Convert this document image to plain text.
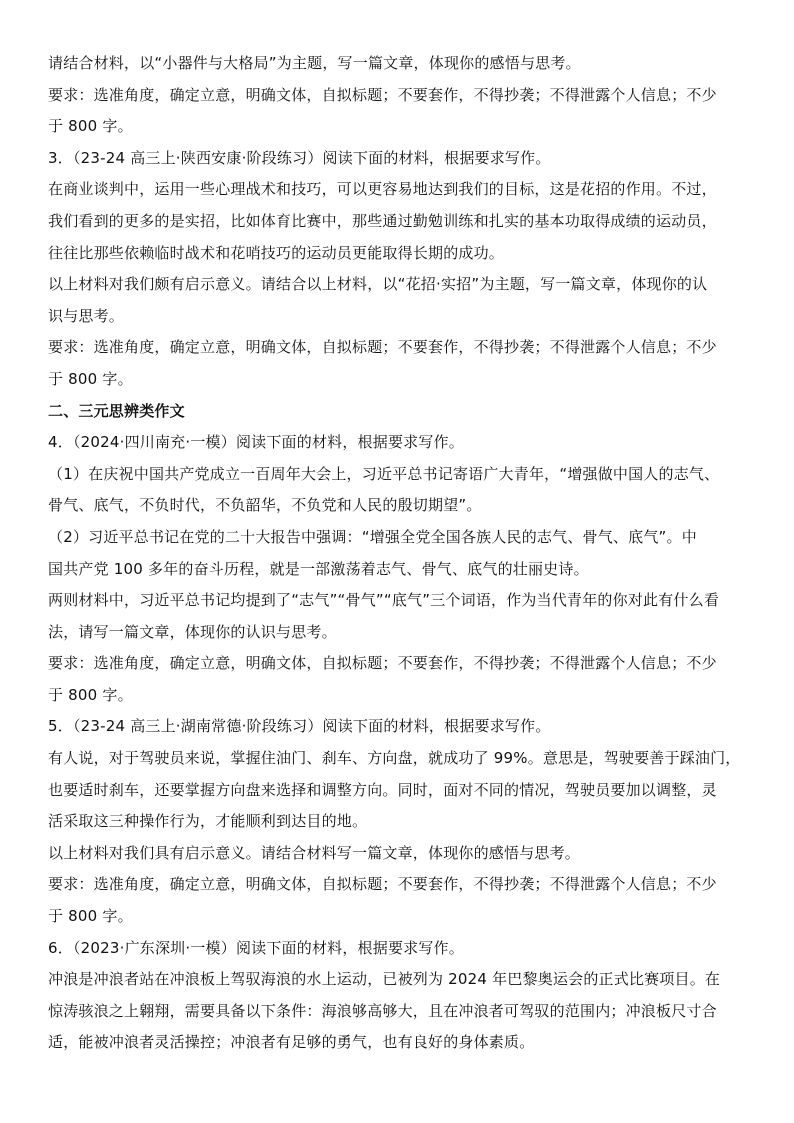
请结合材料，以“小器件与大格局”为主题，写一篇文章，体现你的感悟与思考。
要求：选准角度，确定立意，明确文体，自拟标题；不要套作，不得抄袭；不得泄露个人信息；不少
于 800 字。
3．（23-24 高三上·陕西安康·阶段练习）阅读下面的材料，根据要求写作。
在商业谈判中，运用一些心理战术和技巧，可以更容易地达到我们的目标，这是花招的作用。不过，
我们看到的更多的是实招，比如体育比赛中，那些通过勤勉训练和扎实的基本功取得成绩的运动员，
往往比那些依赖临时战术和花哨技巧的运动员更能取得长期的成功。
以上材料对我们颇有启示意义。请结合以上材料，以“花招·实招”为主题，写一篇文章，体现你的认
识与思考。
要求：选准角度，确定立意，明确文体，自拟标题；不要套作，不得抄袭；不得泄露个人信息；不少
于 800 字。
二、三元思辨类作文
4．（2024·四川南充·一模）阅读下面的材料，根据要求写作。
（1）在庆祝中国共产党成立一百周年大会上，习近平总书记寄语广大青年，“增强做中国人的志气、
骨气、底气，不负时代，不负韶华，不负党和人民的殷切期望”。
（2）习近平总书记在党的二十大报告中强调：“增强全党全国各族人民的志气、骨气、底气”。中
国共产党 100 多年的奋斗历程，就是一部激荡着志气、骨气、底气的壮丽史诗。
两则材料中，习近平总书记均提到了“志气”“骨气”“底气”三个词语，作为当代青年的你对此有什么看
法，请写一篇文章，体现你的认识与思考。
要求：选准角度，确定立意，明确文体，自拟标题；不要套作，不得抄袭；不得泄露个人信息；不少
于 800 字。
5．（23-24 高三上·湖南常德·阶段练习）阅读下面的材料，根据要求写作。
有人说，对于驾驶员来说，掌握住油门、刹车、方向盘，就成功了 99%。意思是，驾驶要善于踩油门，
也要适时刹车，还要掌握方向盘来选择和调整方向。同时，面对不同的情况，驾驶员要加以调整，灵
活采取这三种操作行为，才能顺利到达目的地。
以上材料对我们具有启示意义。请结合材料写一篇文章，体现你的感悟与思考。
要求：选准角度，确定立意，明确文体，自拟标题；不要套作，不得抄袭；不得泄露个人信息；不少
于 800 字。
6．（2023·广东深圳·一模）阅读下面的材料，根据要求写作。
冲浪是冲浪者站在冲浪板上驾驭海浪的水上运动，已被列为 2024 年巴黎奥运会的正式比赛项目。在
惊涛骇浪之上翱翔，需要具备以下条件：海浪够高够大，且在冲浪者可驾驭的范围内；冲浪板尺寸合
适，能被冲浪者灵活操控；冲浪者有足够的勇气，也有良好的身体素质。
